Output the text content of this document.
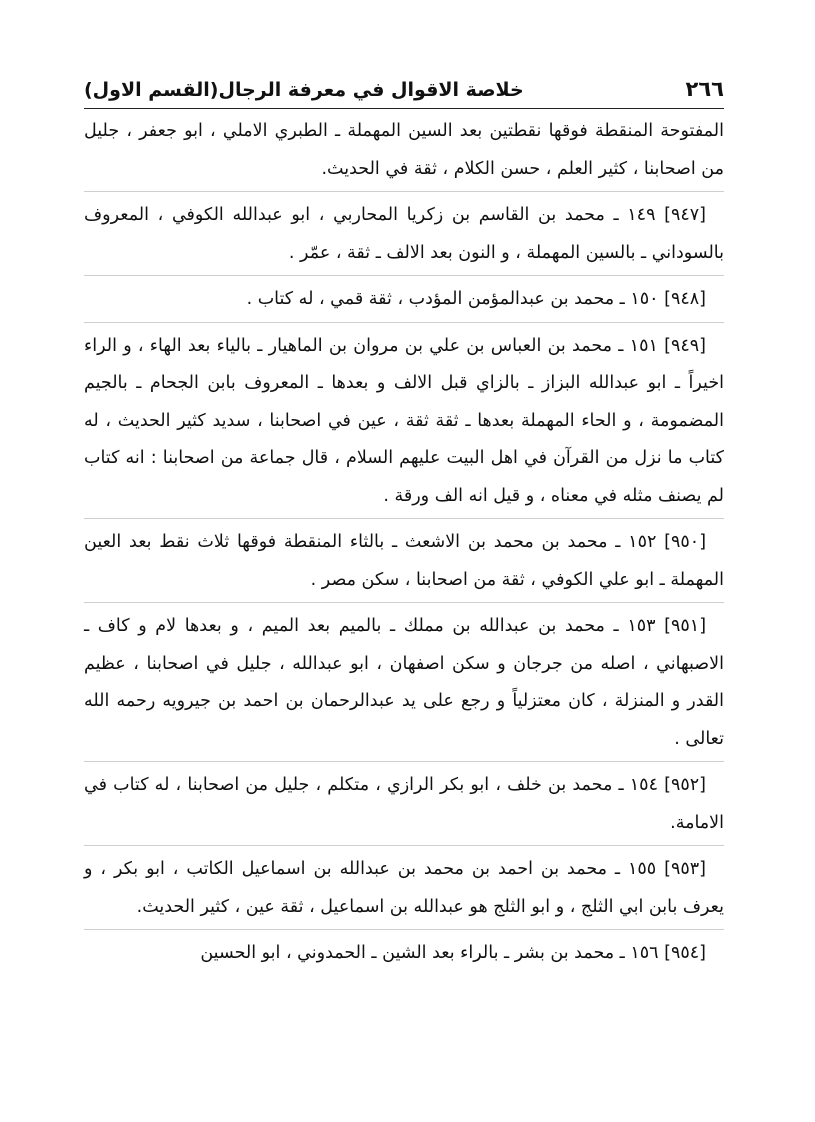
٢٦٦
خلاصة الاقوال في معرفة الرجال(القسم الاول)

المفتوحة المنقطة فوقها نقطتين بعد السين المهملة ـ الطبري الاملي ، ابو جعفر ، جليل من اصحابنا ، كثير العلم ، حسن الكلام ، ثقة في الحديث.

[٩٤٧] ١٤٩ ـ محمد بن القاسم بن زكريا المحاربي ، ابو عبدالله الكوفي ، المعروف بالسوداني ـ بالسين المهملة ، و النون بعد الالف ـ ثقة ، عمّر .

[٩٤٨] ١٥٠ ـ محمد بن عبدالمؤمن المؤدب ، ثقة قمي ، له كتاب .

[٩٤٩] ١٥١ ـ محمد بن العباس بن علي بن مروان بن الماهيار ـ بالياء بعد الهاء ، و الراء اخيراً ـ ابو عبدالله البزاز ـ بالزاي قبل الالف و بعدها ـ المعروف بابن الجحام ـ بالجيم المضمومة ، و الحاء المهملة بعدها ـ ثقة ثقة ، عين في اصحابنا ، سديد كثير الحديث ، له كتاب ما نزل من القرآن في اهل البيت عليهم السلام ، قال جماعة من اصحابنا : انه كتاب لم يصنف مثله في معناه ، و قيل انه الف ورقة .

[٩٥٠] ١٥٢ ـ محمد بن محمد بن الاشعث ـ بالثاء المنقطة فوقها ثلاث نقط بعد العين المهملة ـ ابو علي الكوفي ، ثقة من اصحابنا ، سكن مصر .

[٩٥١] ١٥٣ ـ محمد بن عبدالله بن مملك ـ بالميم بعد الميم ، و بعدها لام و كاف ـ الاصبهاني ، اصله من جرجان و سكن اصفهان ، ابو عبدالله ، جليل في اصحابنا ، عظيم القدر و المنزلة ، كان معتزلياً و رجع على يد عبدالرحمان بن احمد بن جيرويه رحمه الله تعالى .

[٩٥٢] ١٥٤ ـ محمد بن خلف ، ابو بكر الرازي ، متكلم ، جليل من اصحابنا ، له كتاب في الامامة.

[٩٥٣] ١٥٥ ـ محمد بن احمد بن محمد بن عبدالله بن اسماعيل الكاتب ، ابو بكر ، و يعرف بابن ابي الثلج ، و ابو الثلج هو عبدالله بن اسماعيل ، ثقة عين ، كثير الحديث.

[٩٥٤] ١٥٦ ـ محمد بن بشر ـ بالراء بعد الشين ـ الحمدوني ، ابو الحسين
